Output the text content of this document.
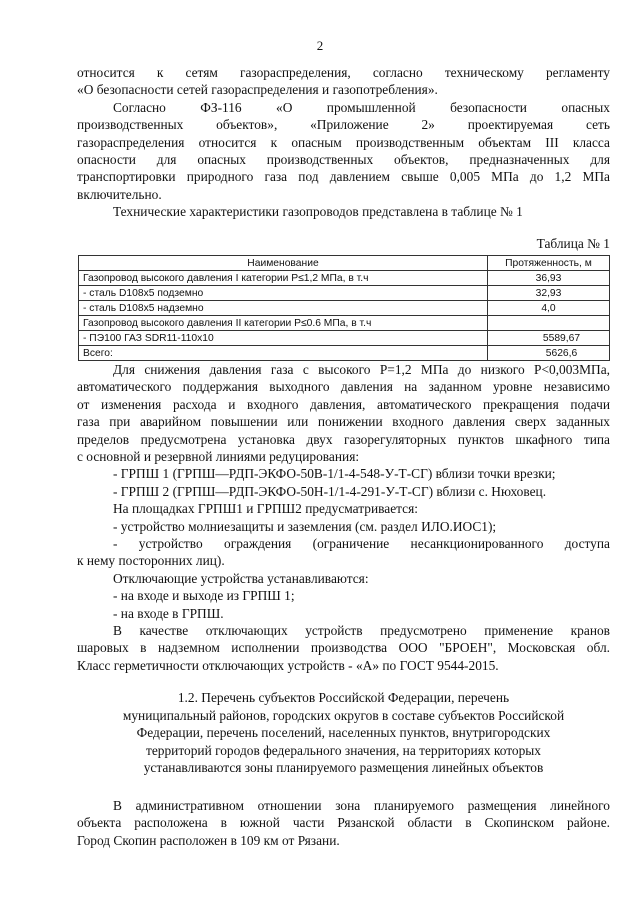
2
относится к сетям газораспределения, согласно техническому регламенту
«О безопасности сетей газораспределения и газопотребления».
Согласно ФЗ-116 «О промышленной безопасности опасных
производственных объектов», «Приложение 2» проектируемая сеть
газораспределения относится к опасным производственным объектам III класса
опасности для опасных производственных объектов, предназначенных для
транспортировки природного газа под давлением свыше 0,005 МПа до 1,2 МПа
включительно.
Технические характеристики газопроводов представлена в таблице № 1
Таблица № 1
Наименование	Протяженность, м
Газопровод высокого давления I категории P≤1,2 МПа, в т.ч	36,93
- сталь D108x5 подземно	32,93
- сталь D108x5 надземно	4,0
Газопровод высокого давления II категории P≤0.6 МПа, в т.ч	
- ПЭ100 ГАЗ SDR11-110x10	5589,67
Всего:	5626,6
Для снижения давления газа с высокого Р=1,2 МПа до низкого Р<0,003МПа,
автоматического поддержания выходного давления на заданном уровне независимо
от изменения расхода и входного давления, автоматического прекращения подачи
газа при аварийном повышении или понижении входного давления сверх заданных
пределов предусмотрена установка двух газорегуляторных пунктов шкафного типа
с основной и резервной линиями редуцирования:
- ГРПШ 1 (ГРПШ—РДП-ЭКФО-50В-1/1-4-548-У-Т-СГ) вблизи точки врезки;
- ГРПШ 2 (ГРПШ—РДП-ЭКФО-50Н-1/1-4-291-У-Т-СГ) вблизи с. Нюховец.
На площадках ГРПШ1 и ГРПШ2 предусматривается:
- устройство молниезащиты и заземления (см. раздел ИЛО.ИОС1);
- устройство ограждения (ограничение несанкционированного доступа
к нему посторонних лиц).
Отключающие устройства устанавливаются:
- на входе и выходе из ГРПШ 1;
- на входе в ГРПШ.
В качестве отключающих устройств предусмотрено применение кранов
шаровых в надземном исполнении производства ООО "БРОЕН", Московская обл.
Класс герметичности отключающих устройств - «А» по ГОСТ 9544-2015.
1.2. Перечень субъектов Российской Федерации, перечень
муниципальный районов, городских округов в составе субъектов Российской
Федерации, перечень поселений, населенных пунктов, внутригородских
территорий городов федерального значения, на территориях которых
устанавливаются зоны планируемого размещения линейных объектов
В административном отношении зона планируемого размещения линейного
объекта расположена в южной части Рязанской области в Скопинском районе.
Город Скопин расположен в 109 км от Рязани.
